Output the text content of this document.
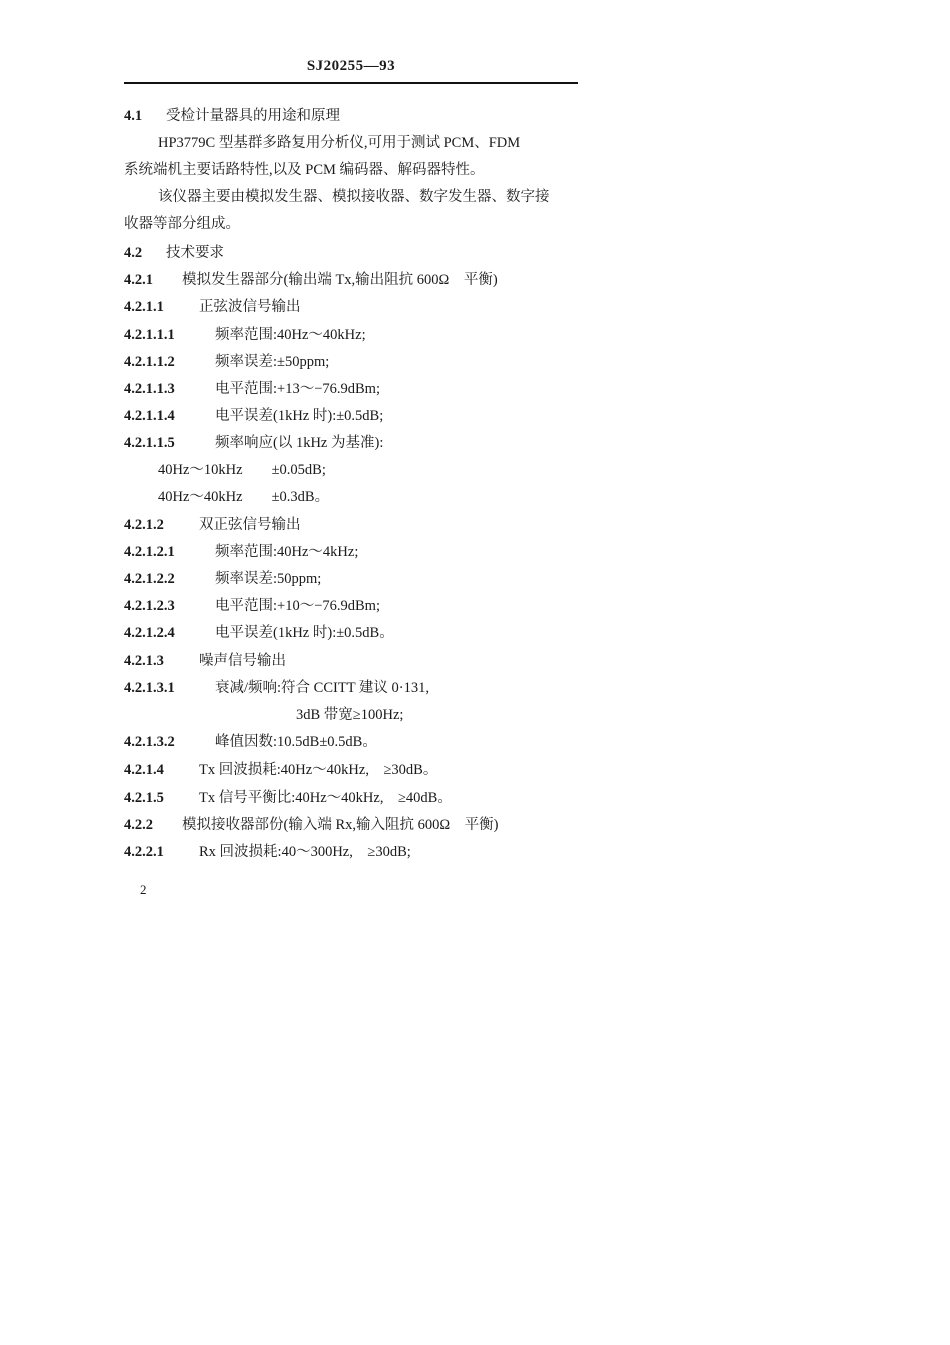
SJ20255—93
4.1 受检计量器具的用途和原理
HP3779C 型基群多路复用分析仪,可用于测试 PCM、FDM
系统端机主要话路特性,以及 PCM 编码器、解码器特性。
该仪器主要由模拟发生器、模拟接收器、数字发生器、数字接
收器等部分组成。
4.2 技术要求
4.2.1 模拟发生器部分(输出端 Tx,输出阻抗 600Ω　平衡)
4.2.1.1 正弦波信号输出
4.2.1.1.1	频率范围:40Hz～40kHz;
4.2.1.1.2	频率误差:±50ppm;
4.2.1.1.3	电平范围:+13～−76.9dBm;
4.2.1.1.4	电平误差(1kHz 时):±0.5dB;
4.2.1.1.5	频率响应(以 1kHz 为基准):
40Hz～10kHz　　±0.05dB;
40Hz～40kHz　　±0.3dB。
4.2.1.2 双正弦信号输出
4.2.1.2.1	频率范围:40Hz～4kHz;
4.2.1.2.2	频率误差:50ppm;
4.2.1.2.3	电平范围:+10～−76.9dBm;
4.2.1.2.4	电平误差(1kHz 时):±0.5dB。
4.2.1.3 噪声信号输出
4.2.1.3.1	衰减/频响:符合 CCITT 建议 0·131,
3dB 带宽≥100Hz;
4.2.1.3.2	峰值因数:10.5dB±0.5dB。
4.2.1.4 Tx 回波损耗:40Hz～40kHz,　≥30dB。
4.2.1.5 Tx 信号平衡比:40Hz～40kHz,　≥40dB。
4.2.2 模拟接收器部份(输入端 Rx,输入阻抗 600Ω　平衡)
4.2.2.1 Rx 回波损耗:40～300Hz,　≥30dB;
2
